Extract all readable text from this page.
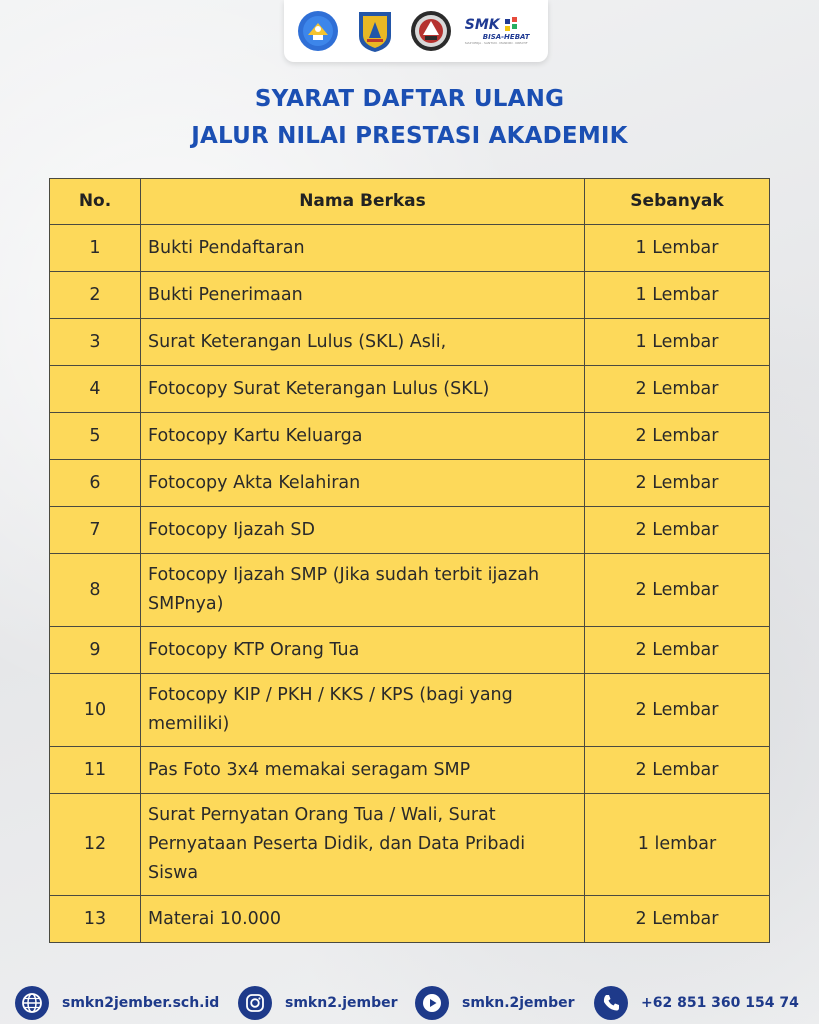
SMK
BISA-HEBAT
SIAP KERJA · SANTUN · MANDIRI · KREATIF
SYARAT DAFTAR ULANG
JALUR NILAI PRESTASI AKADEMIK
No.	Nama Berkas	Sebanyak
1	Bukti Pendaftaran	1 Lembar
2	Bukti Penerimaan	1 Lembar
3	Surat Keterangan Lulus (SKL) Asli,	1 Lembar
4	Fotocopy Surat Keterangan Lulus (SKL)	2 Lembar
5	Fotocopy Kartu Keluarga	2 Lembar
6	Fotocopy Akta Kelahiran	2 Lembar
7	Fotocopy Ijazah SD	2 Lembar
8	Fotocopy Ijazah SMP (Jika sudah terbit ijazah SMPnya)	2 Lembar
9	Fotocopy KTP Orang Tua	2 Lembar
10	Fotocopy KIP / PKH / KKS / KPS (bagi yang memiliki)	2 Lembar
11	Pas Foto 3x4 memakai seragam SMP	2 Lembar
12	Surat Pernyatan Orang Tua / Wali, Surat Pernyataan Peserta Didik, dan Data Pribadi Siswa	1 lembar
13	Materai 10.000	2 Lembar
smkn2jember.sch.id	smkn2.jember	smkn.2jember	+62 851 360 154 74
